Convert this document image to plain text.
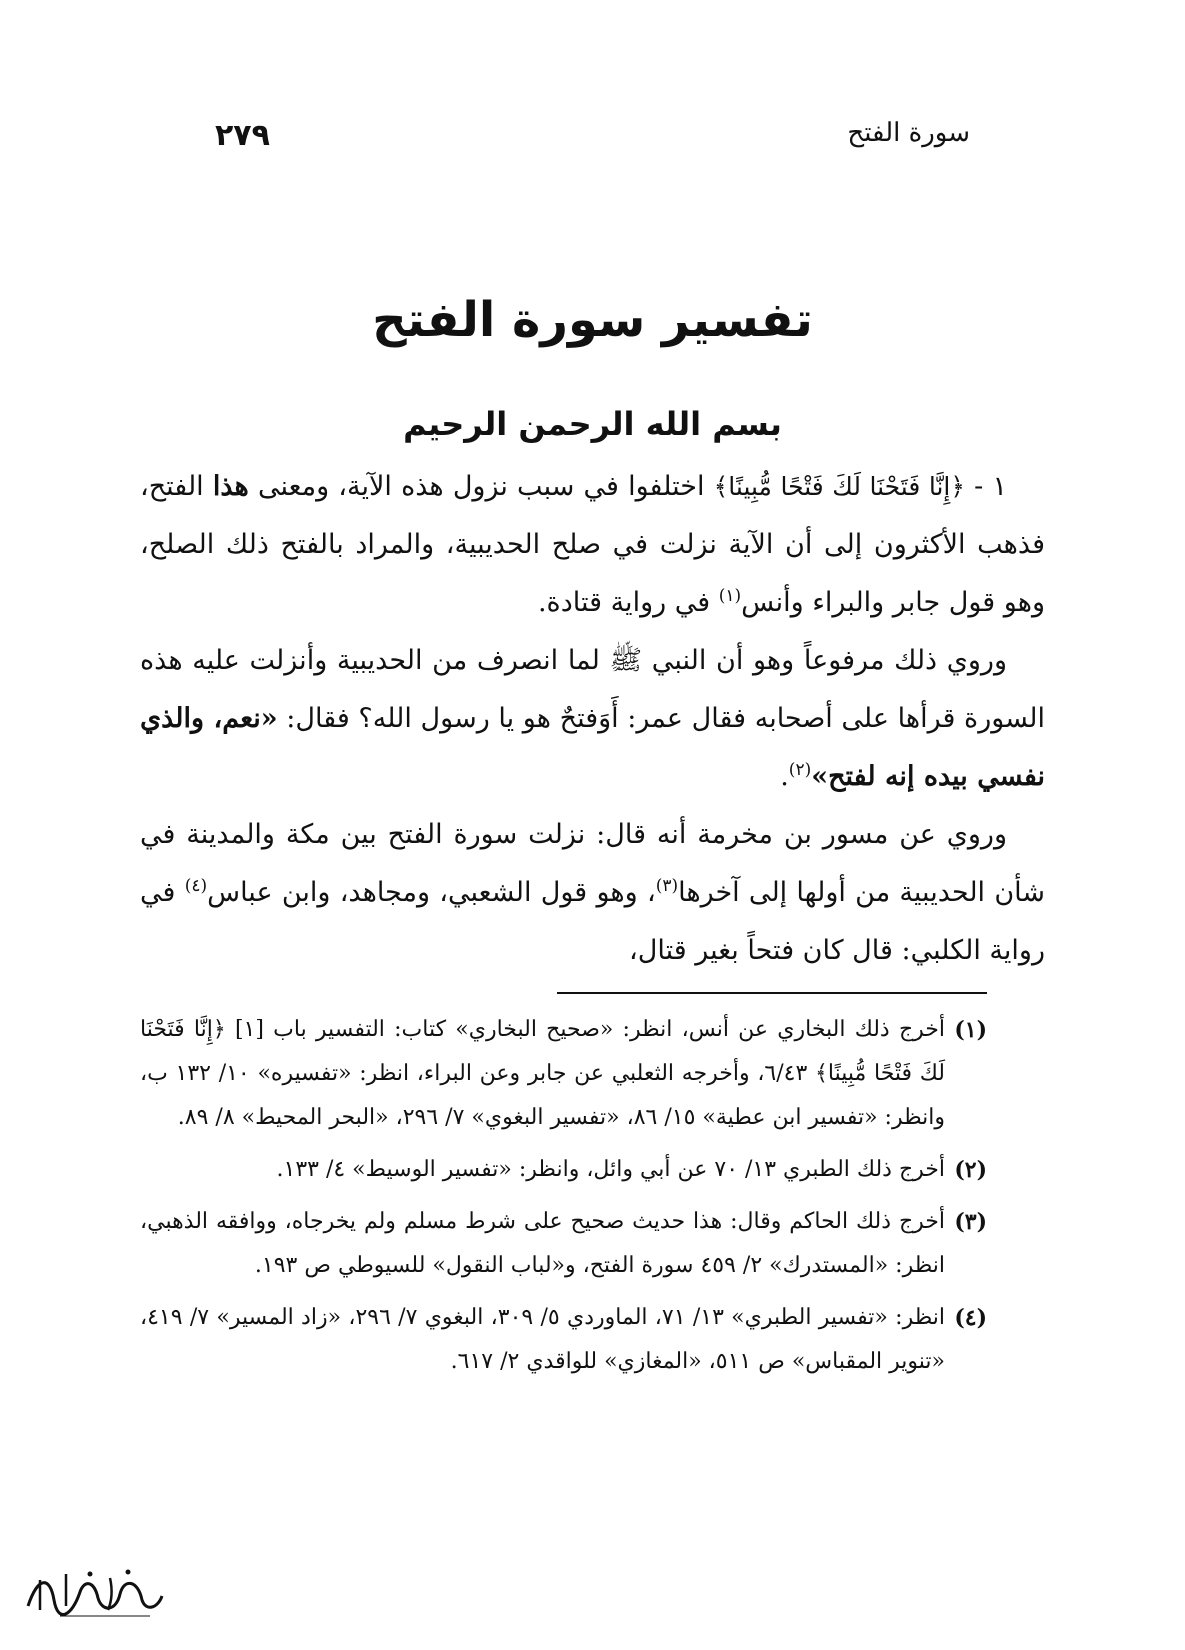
٢٧٩	سورة الفتح
تفسير سورة الفتح
بسم الله الرحمن الرحيم

١ - ﴿إِنَّا فَتَحْنَا لَكَ فَتْحًا مُّبِينًا﴾ اختلفوا في سبب نزول هذه الآية، ومعنى هذا الفتح، فذهب الأكثرون إلى أن الآية نزلت في صلح الحديبية، والمراد بالفتح ذلك الصلح، وهو قول جابر والبراء وأنس$^{(١)}$ في رواية قتادة.

وروي ذلك مرفوعاً وهو أن النبي ﷺ لما انصرف من الحديبية وأنزلت عليه هذه السورة قرأها على أصحابه فقال عمر: أَوَفتحٌ هو يا رسول الله؟ فقال: «نعم، والذي نفسي بيده إنه لفتح»$^{(٢)}$.

وروي عن مسور بن مخرمة أنه قال: نزلت سورة الفتح بين مكة والمدينة في شأن الحديبية من أولها إلى آخرها$^{(٣)}$، وهو قول الشعبي، ومجاهد، وابن عباس$^{(٤)}$ في رواية الكلبي: قال كان فتحاً بغير قتال،

(١)
أخرج ذلك البخاري عن أنس، انظر: «صحيح البخاري» كتاب: التفسير باب [١] ﴿إِنَّا فَتَحْنَا لَكَ فَتْحًا مُّبِينًا﴾ ٦/٤٣، وأخرجه الثعلبي عن جابر وعن البراء، انظر: «تفسيره» ١٠/ ١٣٢ ب، وانظر: «تفسير ابن عطية» ١٥/ ٨٦، «تفسير البغوي» ٧/ ٢٩٦، «البحر المحيط» ٨/ ٨٩.
(٢)
أخرج ذلك الطبري ١٣/ ٧٠ عن أبي وائل، وانظر: «تفسير الوسيط» ٤/ ١٣٣.
(٣)
أخرج ذلك الحاكم وقال: هذا حديث صحيح على شرط مسلم ولم يخرجاه، ووافقه الذهبي، انظر: «المستدرك» ٢/ ٤٥٩ سورة الفتح، و«لباب النقول» للسيوطي ص ١٩٣.
(٤)
انظر: «تفسير الطبري» ١٣/ ٧١، الماوردي ٥/ ٣٠٩، البغوي ٧/ ٢٩٦، «زاد المسير» ٧/ ٤١٩، «تنوير المقباس» ص ٥١١، «المغازي» للواقدي ٢/ ٦١٧.
